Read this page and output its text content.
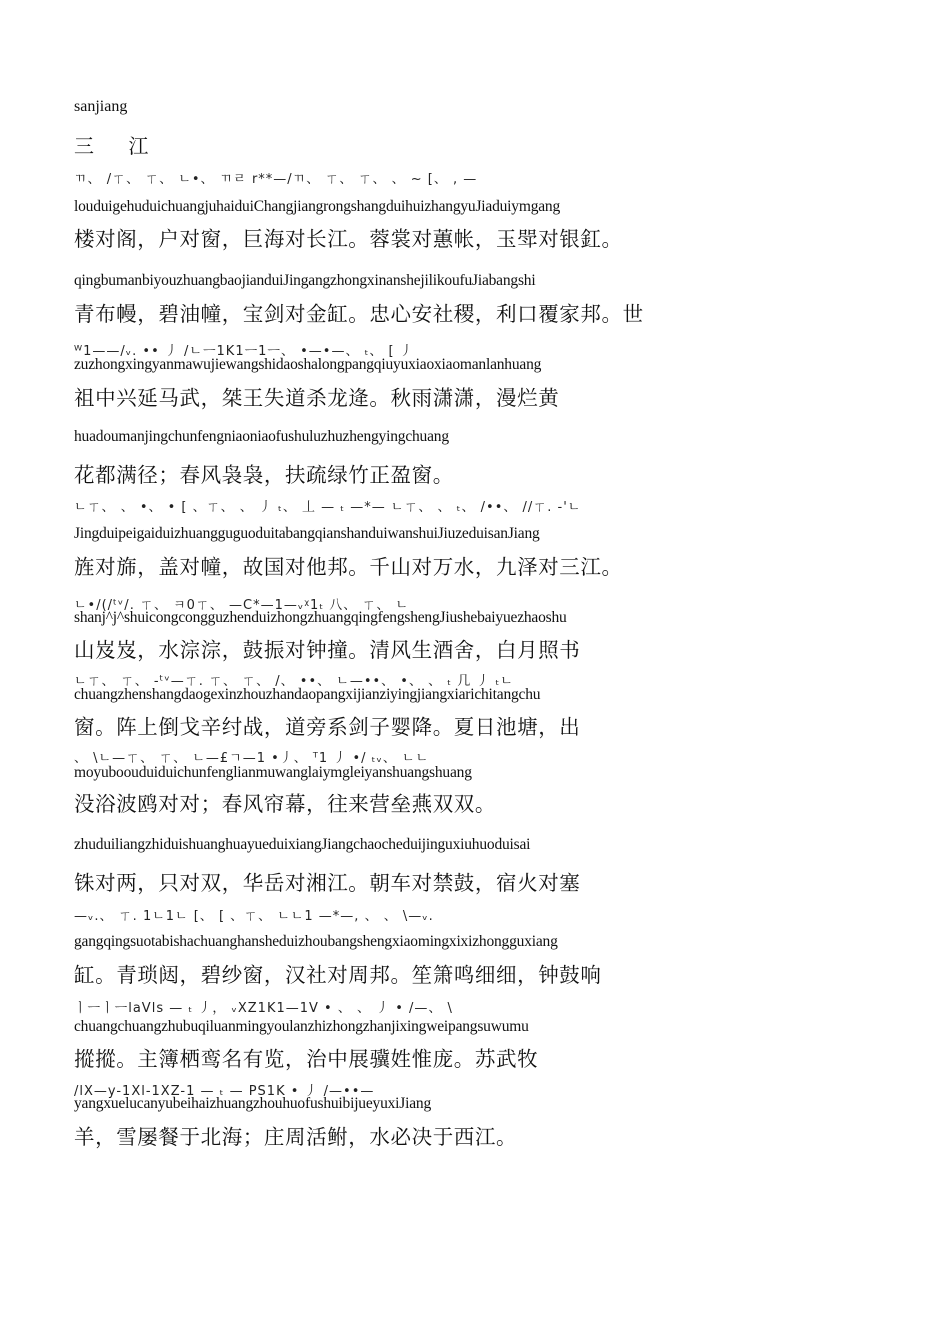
sanjiang
三 江
ㄲ、 /ㄒ、 ㄒ、 ㄴ•、 ㄲㄹ r**—/ㄲ、 ㄒ、 ㄒ、 、 ~ [、 , —
louduigehuduichuangjuhaiduiChangjiangrongshangduihuizhangyuJiaduiymgang
楼对阁，户对窗，巨海对长江。蓉裳对蕙帐，玉斝对银釭。
qingbumanbiyouzhuangbaojianduiJingangzhongxinanshejilikoufuJiabangshi
青布幔，碧油幢，宝剑对金缸。忠心安社稷，利口覆家邦。世
ᵂ1——/ᵥ. •• 丿 /ㄴㅡ1K1ㅡ1ㅡ、 •—•—、 ₜ、 [ 丿
zuzhongxingyanmawujiewangshidaoshalongpangqiuyuxiaoxiaomanlanhuang
祖中兴延马武，桀王失道杀龙逄。秋雨潇潇，漫烂黄
huadoumanjingchunfengniaoniaofushuluzhuzhengyingchuang
花都满径；春风袅袅，扶疏绿竹正盈窗。
ㄴㄒ、 、 •、 • [ 、ㄒ、 、 丿 ₜ、 丄 — ₜ —*— ㄴㄒ、 、 ₜ、 /••、 //ㄒ. -'ㄴ
JingduipeigaiduizhuangguguoduitabangqianshanduiwanshuiJiuzeduisanJiang
旌对旆，盖对幢，故国对他邦。千山对万水，九泽对三江。
ㄴ•/(/ᵗᵛ/. ㄒ、 ㅋ0ㄒ、 —C*—1—ᵥᵡ1ₜ 八、 ㄒ、 ㄴ
shanj^j^shuicongcongguzhenduizhongzhuangqingfengshengJiushebaiyuezhaoshu
山岌岌，水淙淙，鼓振对钟撞。清风生酒舍，白月照书
ㄴㄒ、 ㄒ、 -ᵗᵛ—ㄒ. ㄒ、 ㄒ、 /、 ••、 ㄴ—••、 •、 、 ₜ 几 丿 ₜㄴ
chuangzhenshangdaogexinzhouzhandaopangxijianziyingjiangxiarichitangchu
窗。阵上倒戈辛纣战，道旁系剑子婴降。夏日池塘，出
、 \ㄴ—ㄒ、 ㄒ、 ㄴ—£ㄱ—1 •丿、 ᵀ1 丿 •/ ₜᵥ、 ㄴㄴ
moyuboouduiduichunfenglianmuwanglaiymgleiyanshuangshuang
没浴波鸥对对；春风帘幕，往来营垒燕双双。
zhuduiliangzhiduishuanghuayueduixiangJiangchaocheduijinguxiuhuoduisai
铢对两，只对双，华岳对湘江。朝车对禁鼓，宿火对塞
—ᵥ.、 ㄒ. 1ㄴ1ㄴ [、 [ 、ㄒ、 ㄴㄴ1 —*—, 、 、 \—ᵥ.
gangqingsuotabishachuanghansheduizhoubangshengxiaomingxixizhongguxiang
缸。青琐闼，碧纱窗，汉社对周邦。笙箫鸣细细，钟鼓响
ㅣㅡㅣㅡlaVls — ₜ 丿， ᵥXZ1K1—1V • 、 、 丿 • /—、 \
chuangchuangzhubuqiluanmingyoulanzhizhongzhanjixingweipangsuwumu
摐摐。主簿栖鸾名有览，治中展骥姓惟庞。苏武牧
/lX—y-1Xl-1XZ-1 — ₜ — PS1K • 丿 /—••—
yangxuelucanyubeihaizhuangzhouhuofushuibijueyuxiJiang
羊，雪屡餐于北海；庄周活鲋，水必决于西江。
